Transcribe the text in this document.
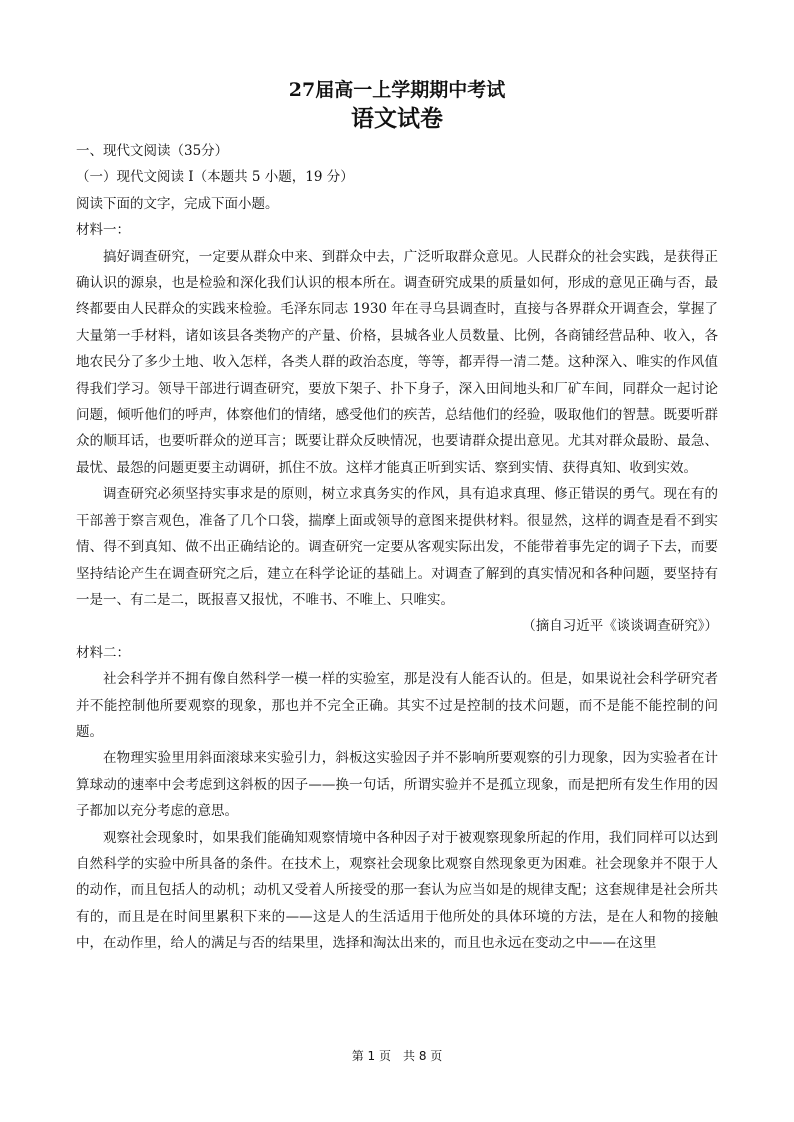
27届高一上学期期中考试
语文试卷

一、现代文阅读（35分）

（一）现代文阅读 I（本题共 5 小题，19 分）

阅读下面的文字，完成下面小题。

材料一：

搞好调查研究，一定要从群众中来、到群众中去，广泛听取群众意见。人民群众的社会实践，是获得正确认识的源泉，也是检验和深化我们认识的根本所在。调查研究成果的质量如何，形成的意见正确与否，最终都要由人民群众的实践来检验。毛泽东同志 1930 年在寻乌县调查时，直接与各界群众开调查会，掌握了大量第一手材料，诸如该县各类物产的产量、价格，县城各业人员数量、比例，各商铺经营品种、收入，各地农民分了多少土地、收入怎样，各类人群的政治态度，等等，都弄得一清二楚。这种深入、唯实的作风值得我们学习。领导干部进行调查研究，要放下架子、扑下身子，深入田间地头和厂矿车间，同群众一起讨论问题，倾听他们的呼声，体察他们的情绪，感受他们的疾苦，总结他们的经验，吸取他们的智慧。既要听群众的顺耳话，也要听群众的逆耳言；既要让群众反映情况，也要请群众提出意见。尤其对群众最盼、最急、最忧、最怨的问题更要主动调研，抓住不放。这样才能真正听到实话、察到实情、获得真知、收到实效。

调查研究必须坚持实事求是的原则，树立求真务实的作风，具有追求真理、修正错误的勇气。现在有的干部善于察言观色，准备了几个口袋，揣摩上面或领导的意图来提供材料。很显然，这样的调查是看不到实情、得不到真知、做不出正确结论的。调查研究一定要从客观实际出发，不能带着事先定的调子下去，而要坚持结论产生在调查研究之后，建立在科学论证的基础上。对调查了解到的真实情况和各种问题，要坚持有一是一、有二是二，既报喜又报忧，不唯书、不唯上、只唯实。

（摘自习近平《谈谈调查研究》）

材料二：

社会科学并不拥有像自然科学一模一样的实验室，那是没有人能否认的。但是，如果说社会科学研究者并不能控制他所要观察的现象，那也并不完全正确。其实不过是控制的技术问题，而不是能不能控制的问题。

在物理实验里用斜面滚球来实验引力，斜板这实验因子并不影响所要观察的引力现象，因为实验者在计算球动的速率中会考虑到这斜板的因子——换一句话，所谓实验并不是孤立现象，而是把所有发生作用的因子都加以充分考虑的意思。

观察社会现象时，如果我们能确知观察情境中各种因子对于被观察现象所起的作用，我们同样可以达到自然科学的实验中所具备的条件。在技术上，观察社会现象比观察自然现象更为困难。社会现象并不限于人的动作，而且包括人的动机；动机又受着人所接受的那一套认为应当如是的规律支配；这套规律是社会所共有的，而且是在时间里累积下来的——这是人的生活适用于他所处的具体环境的方法，是在人和物的接触中，在动作里，给人的满足与否的结果里，选择和淘汰出来的，而且也永远在变动之中——在这里

第 1 页 共 8 页
